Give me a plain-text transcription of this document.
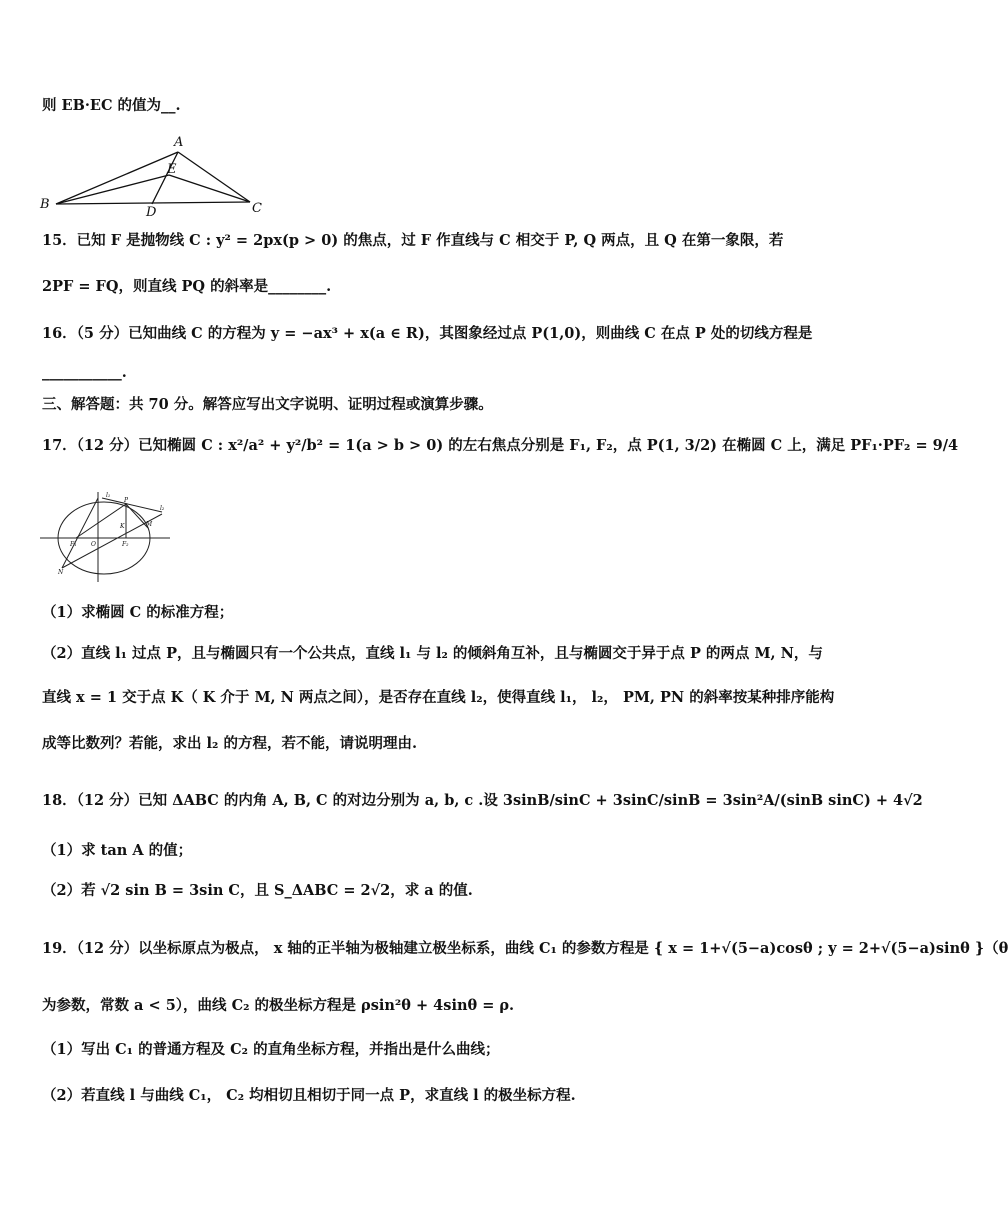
则 EB·EC 的值为__.
15．已知 F 是抛物线 C : y² = 2px(p > 0) 的焦点，过 F 作直线与 C 相交于 P, Q 两点，且 Q 在第一象限，若
2PF = FQ，则直线 PQ 的斜率是________.
16．（5 分）已知曲线 C 的方程为 y = −ax³ + x(a ∈ R)，其图象经过点 P(1,0)，则曲线 C 在点 P 处的切线方程是
___________.
三、解答题：共 70 分。解答应写出文字说明、证明过程或演算步骤。
17．（12 分）已知椭圆 C : x²/a² + y²/b² = 1(a > b > 0) 的左右焦点分别是 F₁, F₂，点 P(1, 3/2) 在椭圆 C 上，满足 PF₁·PF₂ = 9/4
（1）求椭圆 C 的标准方程；
（2）直线 l₁ 过点 P，且与椭圆只有一个公共点，直线 l₁ 与 l₂ 的倾斜角互补，且与椭圆交于异于点 P 的两点 M, N，与
直线 x = 1 交于点 K（ K 介于 M, N 两点之间），是否存在直线 l₂，使得直线 l₁， l₂， PM, PN 的斜率按某种排序能构
成等比数列？若能，求出 l₂ 的方程，若不能，请说明理由.
18．（12 分）已知 ΔABC 的内角 A, B, C 的对边分别为 a, b, c .设 3sinB/sinC + 3sinC/sinB = 3sin²A/(sinB sinC) + 4√2
（1）求 tan A 的值；
（2）若 √2 sin B = 3sin C，且 S_ΔABC = 2√2，求 a 的值.
19．（12 分）以坐标原点为极点， x 轴的正半轴为极轴建立极坐标系，曲线 C₁ 的参数方程是 { x = 1+√(5−a)cosθ ; y = 2+√(5−a)sinθ }（θ
为参数，常数 a < 5），曲线 C₂ 的极坐标方程是 ρsin²θ + 4sinθ = ρ.
（1）写出 C₁ 的普通方程及 C₂ 的直角坐标方程，并指出是什么曲线；
（2）若直线 l 与曲线 C₁， C₂ 均相切且相切于同一点 P，求直线 l 的极坐标方程.
A
E
B
D	C
P
l₁
l₂
K	M
F₁ O	F₂
N
